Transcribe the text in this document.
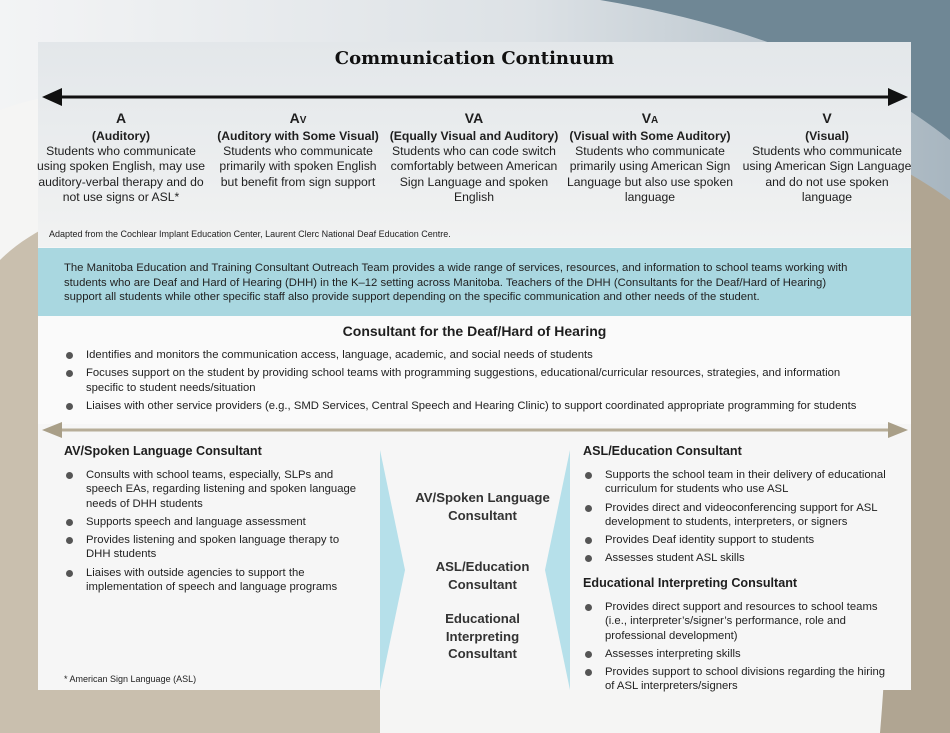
Communication Continuum
A
(Auditory)
Students who communicate using spoken English, may use auditory-verbal therapy and do not use signs or ASL*
AV
(Auditory with Some Visual)
Students who communicate primarily with spoken English but benefit from sign support
VA
(Equally Visual and Auditory)
Students who can code switch comfortably between American Sign Language and spoken English
VA
(Visual with Some Auditory)
Students who communicate primarily using American Sign Language but also use spoken language
V
(Visual)
Students who communicate using American Sign Language and do not use spoken language
Adapted from the Cochlear Implant Education Center, Laurent Clerc National Deaf Education Centre.
The Manitoba Education and Training Consultant Outreach Team provides a wide range of services, resources, and information to school teams working with students who are Deaf and Hard of Hearing (DHH) in the K–12 setting across Manitoba. Teachers of the DHH (Consultants for the Deaf/Hard of Hearing) support all students while other specific staff also provide support depending on the specific communication and other needs of the student.
Consultant for the Deaf/Hard of Hearing
Identifies and monitors the communication access, language, academic, and social needs of students
Focuses support on the student by providing school teams with programming suggestions, educational/curricular resources, strategies, and information specific to student needs/situation
Liaises with other service providers (e.g., SMD Services, Central Speech and Hearing Clinic) to support coordinated appropriate programming for students
AV/Spoken Language Consultant
Consults with school teams, especially, SLPs and speech EAs, regarding listening and spoken language needs of DHH students
Supports speech and language assessment
Provides listening and spoken language therapy to DHH students
Liaises with outside agencies to support the implementation of speech and language programs
AV/Spoken Language Consultant
ASL/Education Consultant
Educational Interpreting Consultant
ASL/Education Consultant
Supports the school team in their delivery of educational curriculum for students who use ASL
Provides direct and videoconferencing support for ASL development to students, interpreters, or signers
Provides Deaf identity support to students
Assesses student ASL skills
Educational Interpreting Consultant
Provides direct support and resources to school teams (i.e., interpreter’s/signer’s performance, role and professional development)
Assesses interpreting skills
Provides support to school divisions regarding the hiring of ASL interpreters/signers
* American Sign Language (ASL)
